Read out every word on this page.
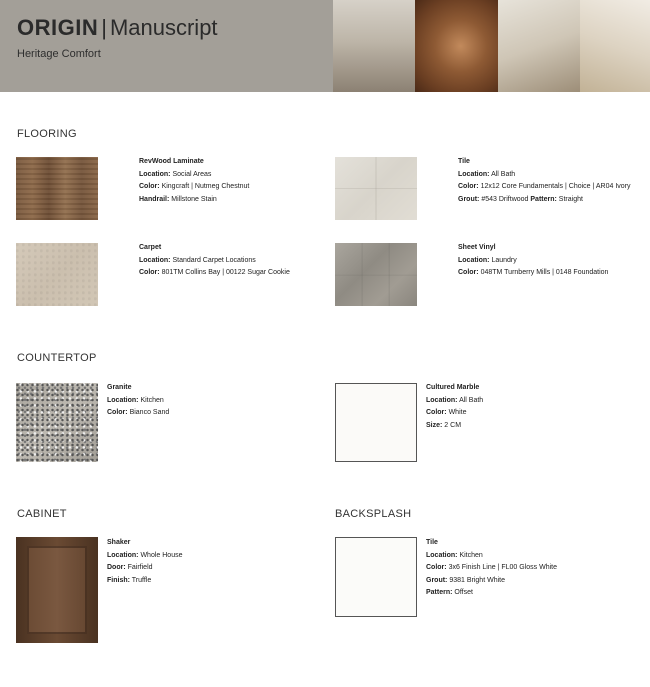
ORIGIN | Manuscript
Heritage Comfort
FLOORING
RevWood Laminate
Location: Social Areas
Color: Kingcraft | Nutmeg Chestnut
Handrail: Millstone Stain
Tile
Location: All Bath
Color: 12x12 Core Fundamentals | Choice | AR04 Ivory
Grout: #543 Driftwood Pattern: Straight
Carpet
Location: Standard Carpet Locations
Color: 801TM Collins Bay | 00122 Sugar Cookie
Sheet Vinyl
Location: Laundry
Color: 048TM Turnberry Mills | 0148 Foundation
COUNTERTOP
Granite
Location: Kitchen
Color: Bianco Sand
Cultured Marble
Location: All Bath
Color: White
Size: 2 CM
CABINET
Shaker
Location: Whole House
Door: Fairfield
Finish: Truffle
BACKSPLASH
Tile
Location: Kitchen
Color: 3x6 Finish Line | FL00 Gloss White
Grout: 9381 Bright White
Pattern: Offset
